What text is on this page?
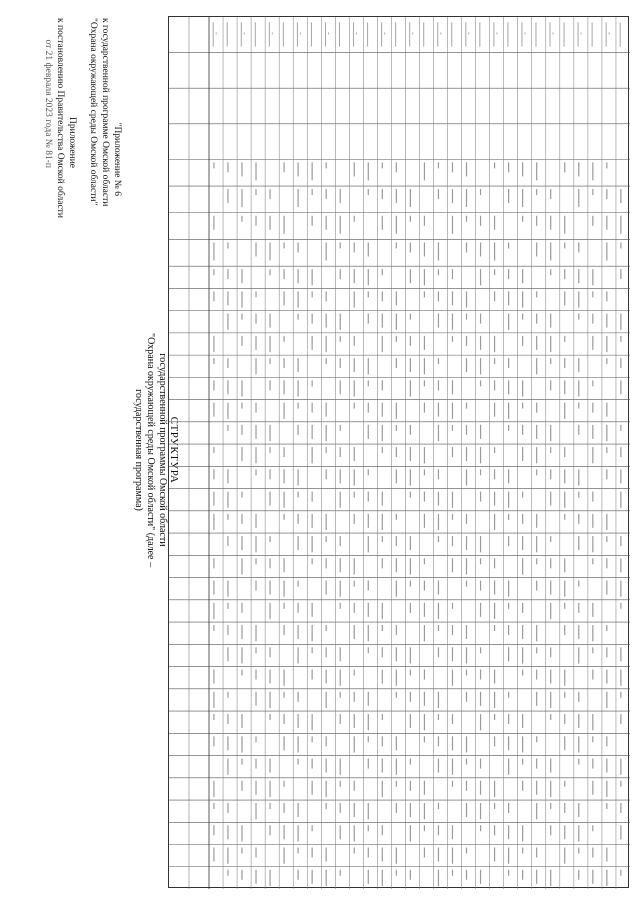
Приложение
к постановлению Правительства Омской области
от 21 февраля 2023 года № 81-п	"Приложение № 6
к государственной программе Омской области
"Охрана окружающей среды Омской области"
СТРУКТУРА
государственной программы Омской области
"Охрана окружающей среды Омской области" (далее – государственная программа)
